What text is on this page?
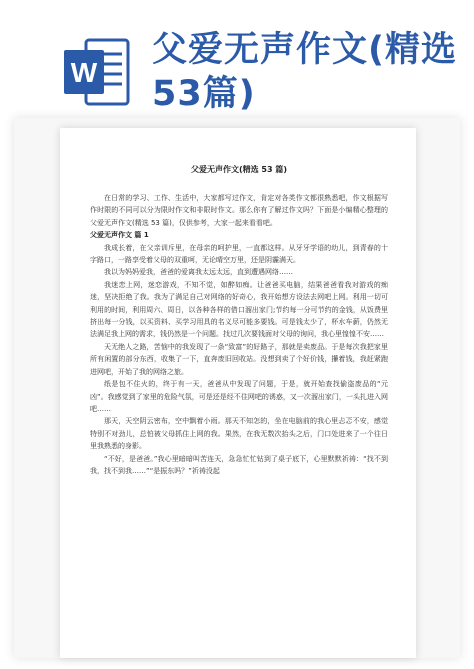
W
父爱无声作文(精选53篇)
父爱无声作文(精选 53 篇)

在日常的学习、工作、生活中，大家都写过作文，肯定对各类作文都很熟悉吧，作文根据写作时限的不同可以分为限时作文和非限时作文。那么你有了解过作文吗？下面是小编精心整理的父爱无声作文(精选 53 篇)，仅供参考，大家一起来看看吧。

父爱无声作文 篇 1

我成长着，在父亲训斥里，在母亲的呵护里，一直都这样。从牙牙学语的幼儿，到青春的十字路口，一路享受着父母的双重呵，无论晴空万里，还是阴霾满天。

我以为妈妈爱我，爸爸的爱离我太远太远，直到遭遇网络……

我迷恋上网，迷恋游戏，不知不觉，如醉如痴。让爸爸买电脑，结果爸爸看我对游戏的痴迷，坚决拒绝了我。我为了满足自己对网络的好奇心，我开始想方设法去网吧上网。利用一切可利用的时间，利用周六、周日，以各种各样的借口溜出家门;节约每一分可节约的金钱，从饭费里挤出每一分钱，以买资料、买学习用具的名义尽可能多要钱。可是钱太少了，杯水车薪，仍然无法满足我上网的需求，钱仍然是一个问题。找过几次要钱面对父母的询问，我心里惶惶不安……

天无绝人之路，苦恼中的我发现了一条“致富”的好路子，那就是卖废品。于是每次我把家里所有闲置的部分东西，收集了一下，直奔废旧回收站。没想到卖了个好价钱，攥着钱，我赶紧跑进网吧，开始了我的网络之旅。

纸是包不住火的，终于有一天，爸爸从中发现了问题，于是，就开始查找偷盗废品的“元凶”。我感觉到了家里的危险气氛，可是还是经不住网吧的诱惑，又一次溜出家门，一头扎进入网吧……

那天，天空阴云密布，空中飘着小雨。那天不知怎的，坐在电脑前的我心里忐忑不安，感觉特别不对劲儿，总怕被父母抓住上网的我。果然，在我无数次抬头之后，门口处进来了一个往日里我熟悉的身影。

“不好，是爸爸。”我心里暗暗叫苦连天，急急忙忙钻到了桌子底下，心里默默祈祷：“找不到我，找不到我……”“是振东吗？”祈祷没起
